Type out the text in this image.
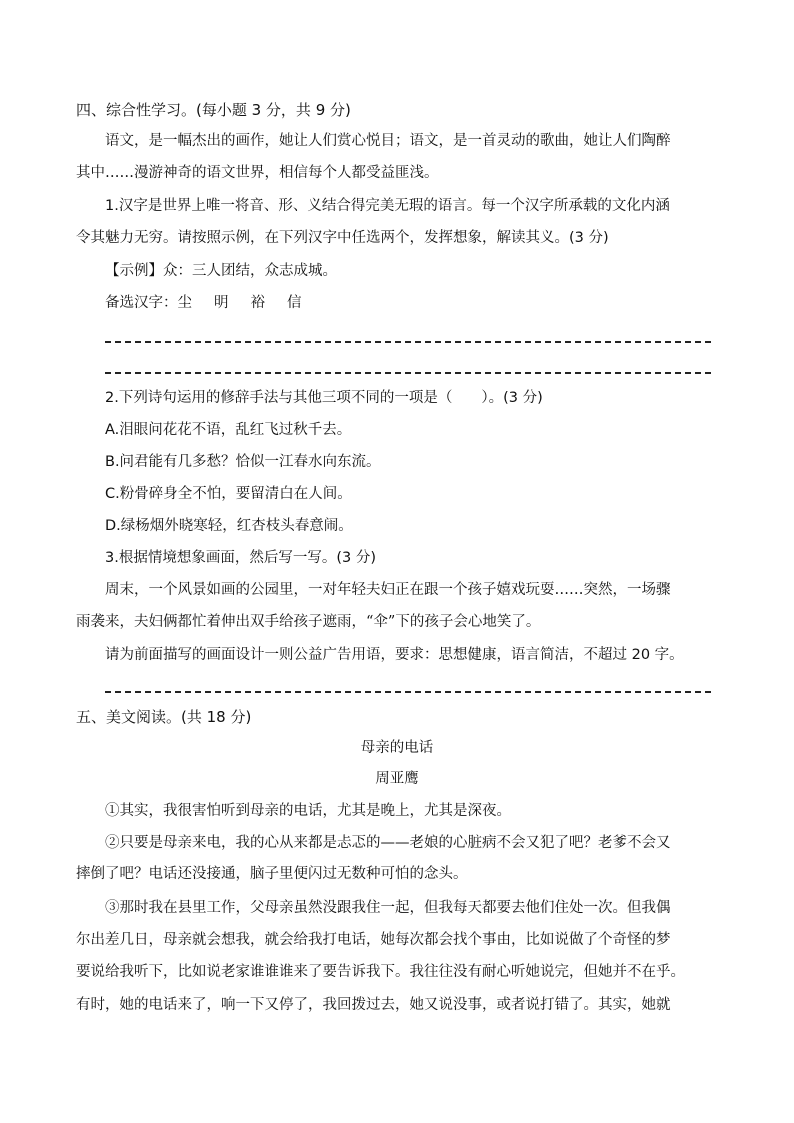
四、综合性学习。(每小题 3 分，共 9 分)
语文，是一幅杰出的画作，她让人们赏心悦目；语文，是一首灵动的歌曲，她让人们陶醉
其中……漫游神奇的语文世界，相信每个人都受益匪浅。
1.汉字是世界上唯一将音、形、义结合得完美无瑕的语言。每一个汉字所承载的文化内涵
令其魅力无穷。请按照示例，在下列汉字中任选两个，发挥想象，解读其义。(3 分)
【示例】众：三人团结，众志成城。
备选汉字：尘 明 裕 信
2.下列诗句运用的修辞手法与其他三项不同的一项是（　　）。(3 分)
A.泪眼问花花不语，乱红飞过秋千去。
B.问君能有几多愁？恰似一江春水向东流。
C.粉骨碎身全不怕，要留清白在人间。
D.绿杨烟外晓寒轻，红杏枝头春意闹。
3.根据情境想象画面，然后写一写。(3 分)
周末，一个风景如画的公园里，一对年轻夫妇正在跟一个孩子嬉戏玩耍……突然，一场骤
雨袭来，夫妇俩都忙着伸出双手给孩子遮雨，“伞”下的孩子会心地笑了。
请为前面描写的画面设计一则公益广告用语，要求：思想健康，语言简洁，不超过 20 字。
五、美文阅读。(共 18 分)
母亲的电话
周亚鹰
①其实，我很害怕听到母亲的电话，尤其是晚上，尤其是深夜。
②只要是母亲来电，我的心从来都是忐忑的——老娘的心脏病不会又犯了吧？老爹不会又
摔倒了吧？电话还没接通，脑子里便闪过无数种可怕的念头。
③那时我在县里工作，父母亲虽然没跟我住一起，但我每天都要去他们住处一次。但我偶
尔出差几日，母亲就会想我，就会给我打电话，她每次都会找个事由，比如说做了个奇怪的梦
要说给我听下，比如说老家谁谁谁来了要告诉我下。我往往没有耐心听她说完，但她并不在乎。
有时，她的电话来了，响一下又停了，我回拨过去，她又说没事，或者说打错了。其实，她就
